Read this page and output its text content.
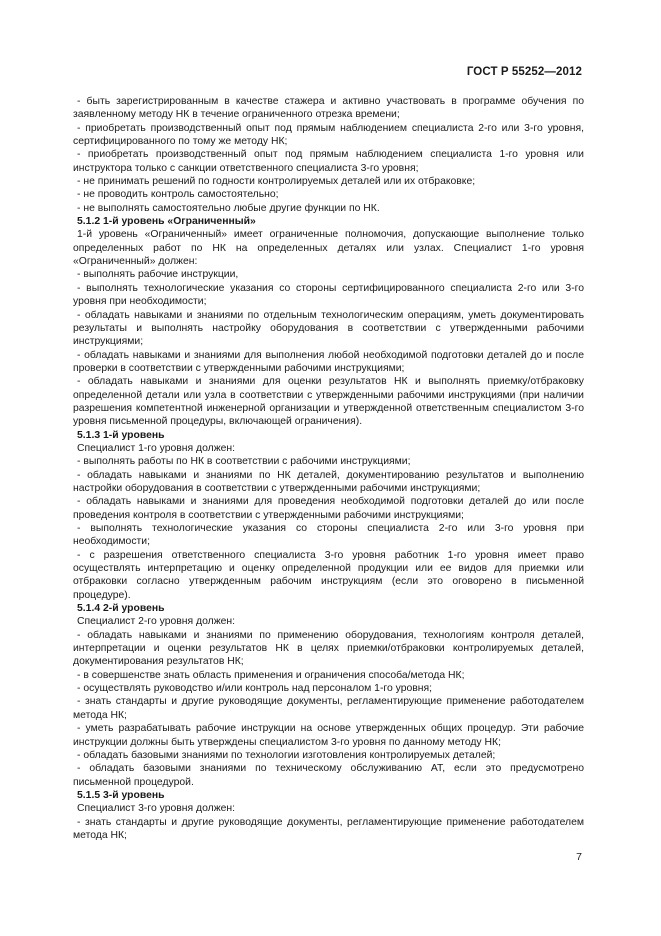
ГОСТ Р 55252—2012

- быть зарегистрированным в качестве стажера и активно участвовать в программе обучения по заявленному методу НК в течение ограниченного отрезка времени;

- приобретать производственный опыт под прямым наблюдением специалиста 2-го или 3-го уровня, сертифицированного по тому же методу НК;

- приобретать производственный опыт под прямым наблюдением специалиста 1-го уровня или инструктора только с санкции ответственного специалиста 3-го уровня;

- не принимать решений по годности контролируемых деталей или их отбраковке;

- не проводить контроль самостоятельно;

- не выполнять самостоятельно любые другие функции по НК.

5.1.2 1-й уровень «Ограниченный»

1-й уровень «Ограниченный» имеет ограниченные полномочия, допускающие выполнение только определенных работ по НК на определенных деталях или узлах. Специалист 1-го уровня «Ограниченный» должен:

- выполнять рабочие инструкции,

- выполнять технологические указания со стороны сертифицированного специалиста 2-го или 3-го уровня при необходимости;

- обладать навыками и знаниями по отдельным технологическим операциям, уметь документировать результаты и выполнять настройку оборудования в соответствии с утвержденными рабочими инструкциями;

- обладать навыками и знаниями для выполнения любой необходимой подготовки деталей до и после проверки в соответствии с утвержденными рабочими инструкциями;

- обладать навыками и знаниями для оценки результатов НК и выполнять приемку/отбраковку определенной детали или узла в соответствии с утвержденными рабочими инструкциями (при наличии разрешения компетентной инженерной организации и утвержденной ответственным специалистом 3-го уровня письменной процедуры, включающей ограничения).

5.1.3 1-й уровень

Специалист 1-го уровня должен:

- выполнять работы по НК в соответствии с рабочими инструкциями;

- обладать навыками и знаниями по НК деталей, документированию результатов и выполнению настройки оборудования в соответствии с утвержденными рабочими инструкциями;

- обладать навыками и знаниями для проведения необходимой подготовки деталей до или после проведения контроля в соответствии с утвержденными рабочими инструкциями;

- выполнять технологические указания со стороны специалиста 2-го или 3-го уровня при необходимости;

- с разрешения ответственного специалиста 3-го уровня работник 1-го уровня имеет право осуществлять интерпретацию и оценку определенной продукции или ее видов для приемки или отбраковки согласно утвержденным рабочим инструкциям (если это оговорено в письменной процедуре).

5.1.4 2-й уровень

Специалист 2-го уровня должен:

- обладать навыками и знаниями по применению оборудования, технологиям контроля деталей, интерпретации и оценки результатов НК в целях приемки/отбраковки контролируемых деталей, документирования результатов НК;

- в совершенстве знать область применения и ограничения способа/метода НК;

- осуществлять руководство и/или контроль над персоналом 1-го уровня;

- знать стандарты и другие руководящие документы, регламентирующие применение работодателем метода НК;

- уметь разрабатывать рабочие инструкции на основе утвержденных общих процедур. Эти рабочие инструкции должны быть утверждены специалистом 3-го уровня по данному методу НК;

- обладать базовыми знаниями по технологии изготовления контролируемых деталей;

- обладать базовыми знаниями по техническому обслуживанию АТ, если это предусмотрено письменной процедурой.

5.1.5 3-й уровень

Специалист 3-го уровня должен:

- знать стандарты и другие руководящие документы, регламентирующие применение работодателем метода НК;

7
